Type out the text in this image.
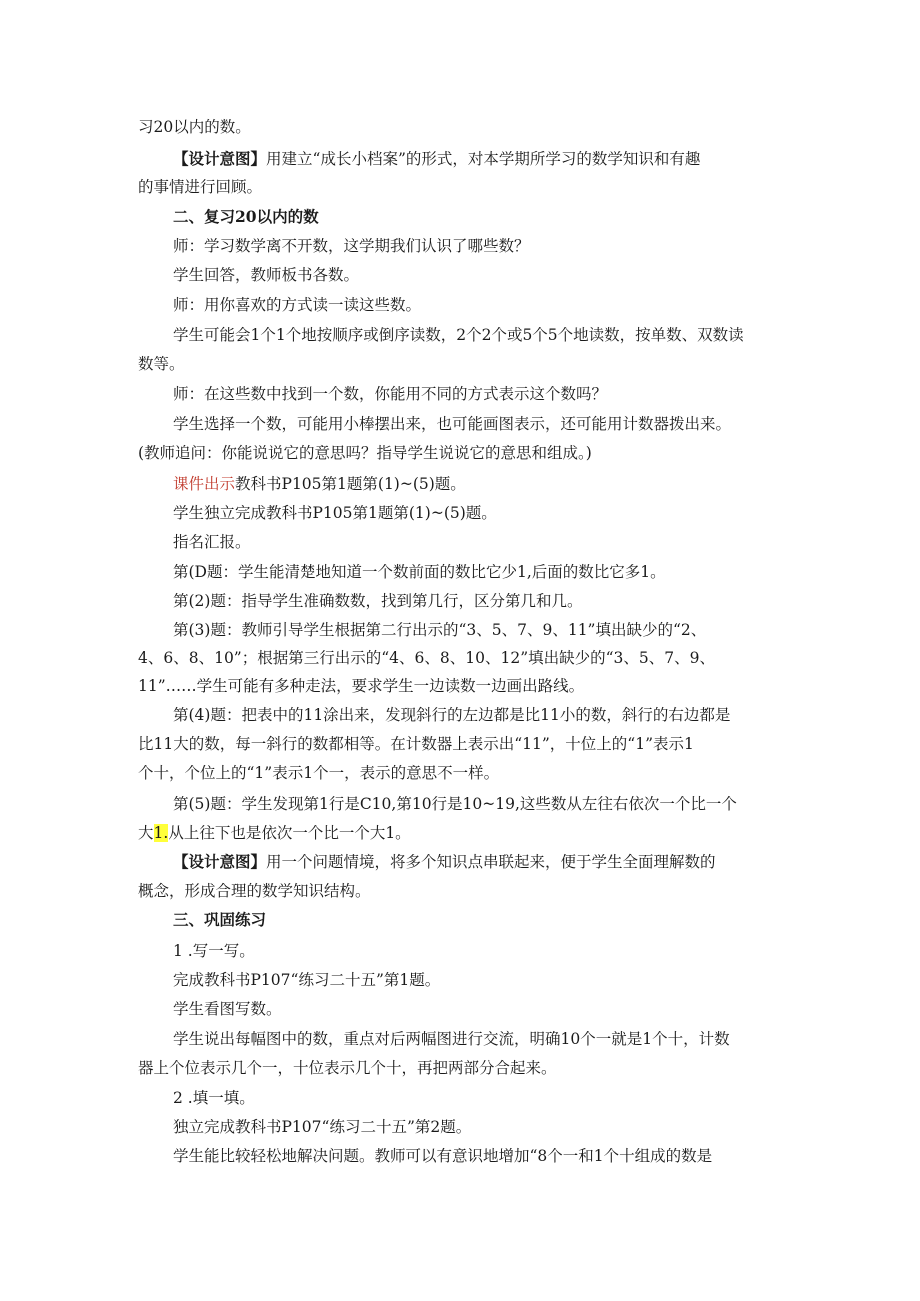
习20以内的数。
【设计意图】用建立“成长小档案”的形式，对本学期所学习的数学知识和有趣
的事情进行回顾。
二、复习20以内的数
师：学习数学离不开数，这学期我们认识了哪些数？
学生回答，教师板书各数。
师：用你喜欢的方式读一读这些数。
学生可能会1个1个地按顺序或倒序读数，2个2个或5个5个地读数，按单数、双数读
数等。
师：在这些数中找到一个数，你能用不同的方式表示这个数吗？
学生选择一个数，可能用小棒摆出来，也可能画图表示，还可能用计数器拨出来。
(教师追问：你能说说它的意思吗？指导学生说说它的意思和组成。)
课件出示教科书P105第1题第(1)~(5)题。
学生独立完成教科书P105第1题第(1)~(5)题。
指名汇报。
第(D题：学生能清楚地知道一个数前面的数比它少1,后面的数比它多1。
第(2)题：指导学生准确数数，找到第几行，区分第几和几。
第(3)题：教师引导学生根据第二行出示的“3、5、7、9、11”填出缺少的“2、
4、6、8、10”；根据第三行出示的“4、6、8、10、12”填出缺少的“3、5、7、9、
11”……学生可能有多种走法，要求学生一边读数一边画出路线。
第(4)题：把表中的11涂出来，发现斜行的左边都是比11小的数，斜行的右边都是
比11大的数，每一斜行的数都相等。在计数器上表示出“11”，十位上的“1”表示1
个十，个位上的“1”表示1个一，表示的意思不一样。
第(5)题：学生发现第1行是C10,第10行是10~19,这些数从左往右依次一个比一个
大1.从上往下也是依次一个比一个大1。
【设计意图】用一个问题情境，将多个知识点串联起来，便于学生全面理解数的
概念，形成合理的数学知识结构。
三、巩固练习
1 .写一写。
完成教科书P107“练习二十五”第1题。
学生看图写数。
学生说出每幅图中的数，重点对后两幅图进行交流，明确10个一就是1个十，计数
器上个位表示几个一，十位表示几个十，再把两部分合起来。
2 .填一填。
独立完成教科书P107“练习二十五”第2题。
学生能比较轻松地解决问题。教师可以有意识地增加“8个一和1个十组成的数是
